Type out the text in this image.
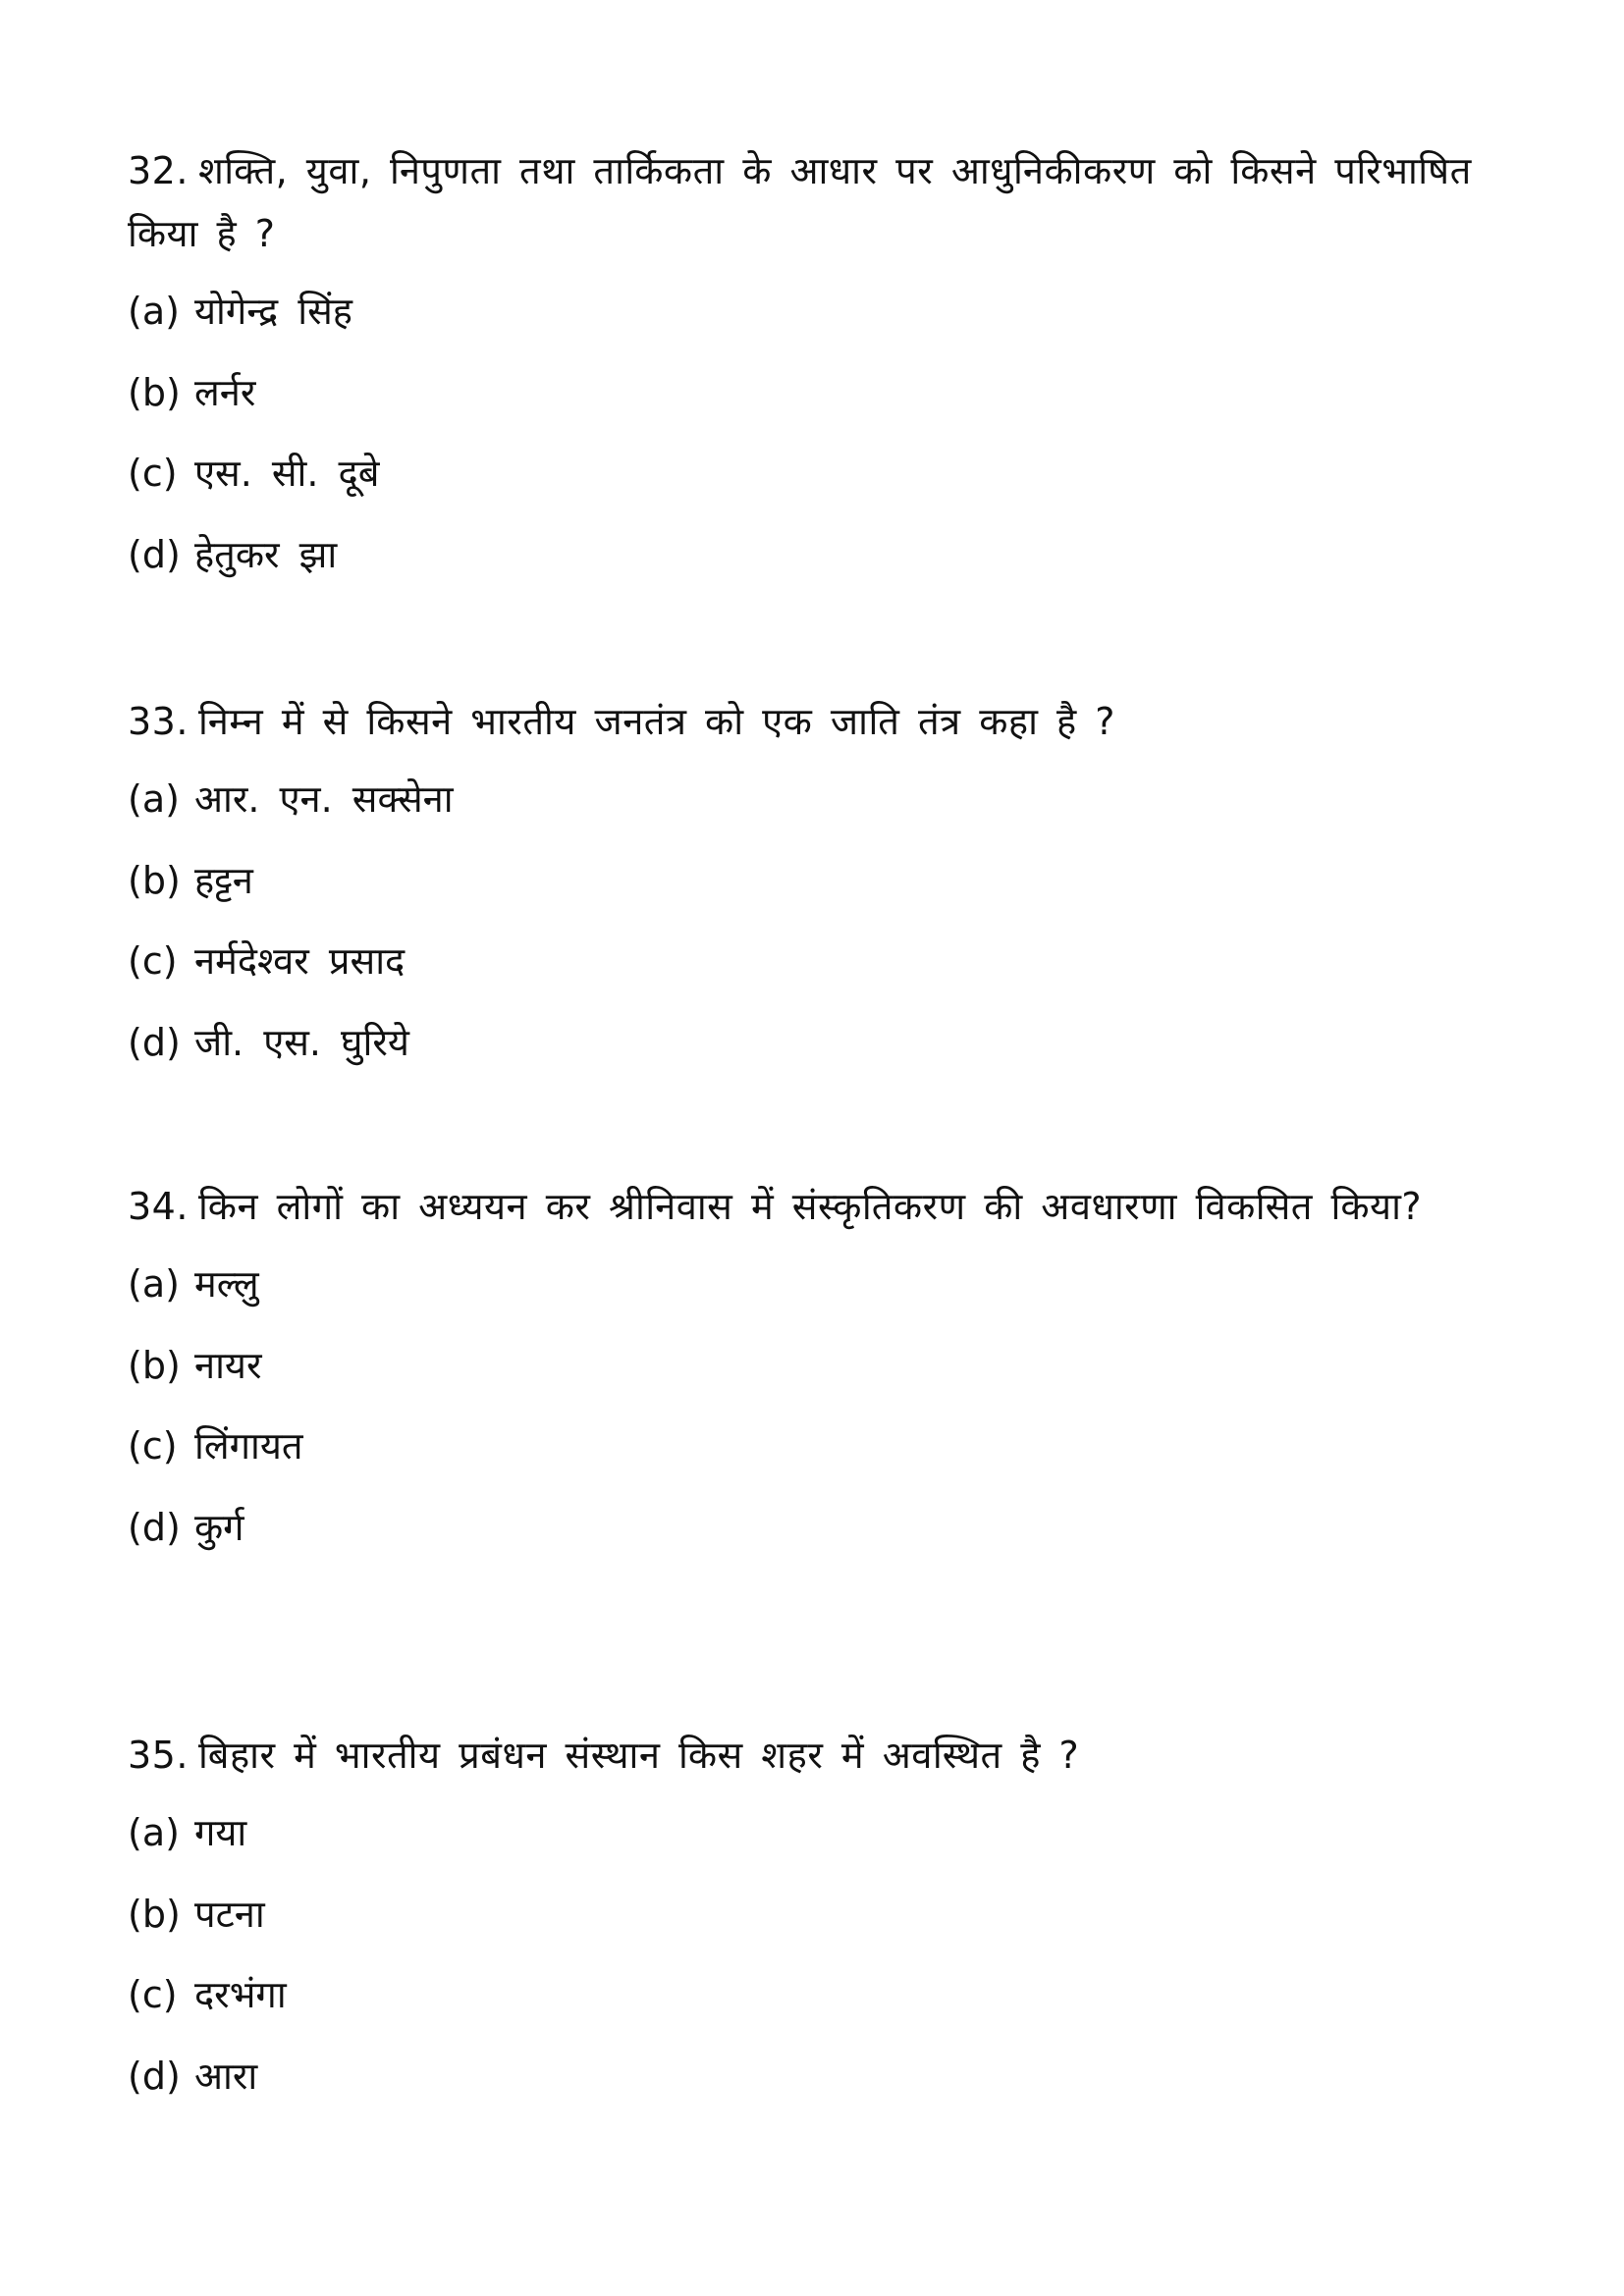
32. शक्ति, युवा, निपुणता तथा तार्किकता के आधार पर आधुनिकीकरण को किसने परिभाषित किया है ?

(a) योगेन्द्र सिंह
(b) लर्नर
(c) एस. सी. दूबे
(d) हेतुकर झा

33. निम्न में से किसने भारतीय जनतंत्र को एक जाति तंत्र कहा है ?

(a) आर. एन. सक्सेना
(b) हट्टन
(c) नर्मदेश्वर प्रसाद
(d) जी. एस. घुरिये

34. किन लोगों का अध्ययन कर श्रीनिवास में संस्कृतिकरण की अवधारणा विकसित किया?

(a) मल्लु
(b) नायर
(c) लिंगायत
(d) कुर्ग

35. बिहार में भारतीय प्रबंधन संस्थान किस शहर में अवस्थित है ?

(a) गया
(b) पटना
(c) दरभंगा
(d) आरा
